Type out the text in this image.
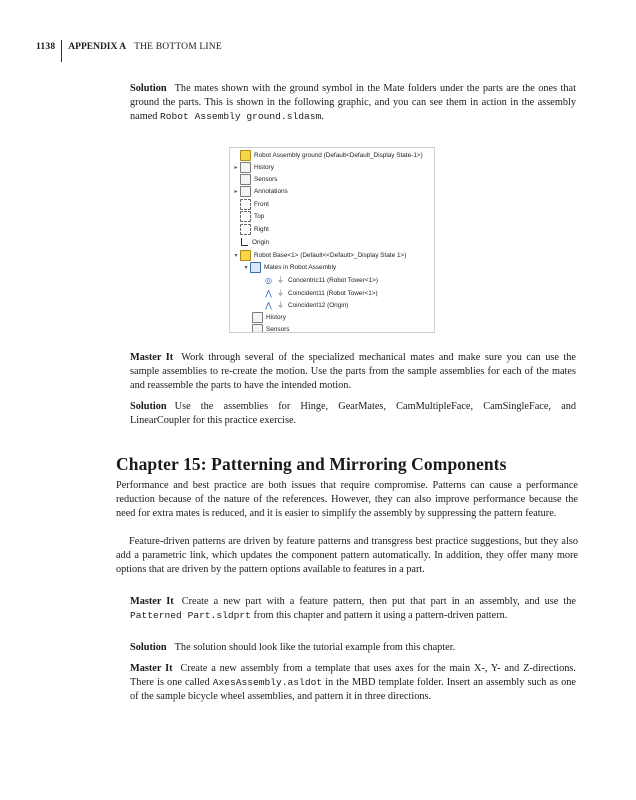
1138 APPENDIX A THE BOTTOM LINE
Solution The mates shown with the ground symbol in the Mate folders under the parts are the ones that ground the parts. This is shown in the following graphic, and you can see them in action in the assembly named Robot Assembly ground.sldasm.
Robot Assembly ground (Default<Default_Display State-1>)
▸	History
Sensors
▸	Annotations
Front
Top
Right
Origin
▾	Robot Base<1> (Default<<Default>_Display State 1>)
▾	Mates in Robot Assembly
◎ ⏚ Concentric11 (Robot Tower<1>)
⋀ ⏚ Coincident11 (Robot Tower<1>)
⋀ ⏚ Coincident12 (Origin)
History
Sensors
Master It Work through several of the specialized mechanical mates and make sure you can use the sample assemblies to re-create the motion. Use the parts from the sample assemblies for each of the mates and reassemble the parts to have the intended motion.
Solution Use the assemblies for Hinge, GearMates, CamMultipleFace, CamSingleFace, and LinearCoupler for this practice exercise.
Chapter 15: Patterning and Mirroring Components
Performance and best practice are both issues that require compromise. Patterns can cause a performance reduction because of the nature of the references. However, they can also improve performance because the need for extra mates is reduced, and it is easier to simplify the assembly by suppressing the pattern feature.
Feature-driven patterns are driven by feature patterns and transgress best practice suggestions, but they also add a parametric link, which updates the component pattern automatically. In addition, they offer many more options that are driven by the pattern options available to features in a part.
Master It Create a new part with a feature pattern, then put that part in an assembly, and use the Patterned Part.sldprt from this chapter and pattern it using a pattern-driven pattern.
Solution The solution should look like the tutorial example from this chapter.
Master It Create a new assembly from a template that uses axes for the main X-, Y- and Z-directions. There is one called AxesAssembly.asldot in the MBD template folder. Insert an assembly such as one of the sample bicycle wheel assemblies, and pattern it in three directions.
